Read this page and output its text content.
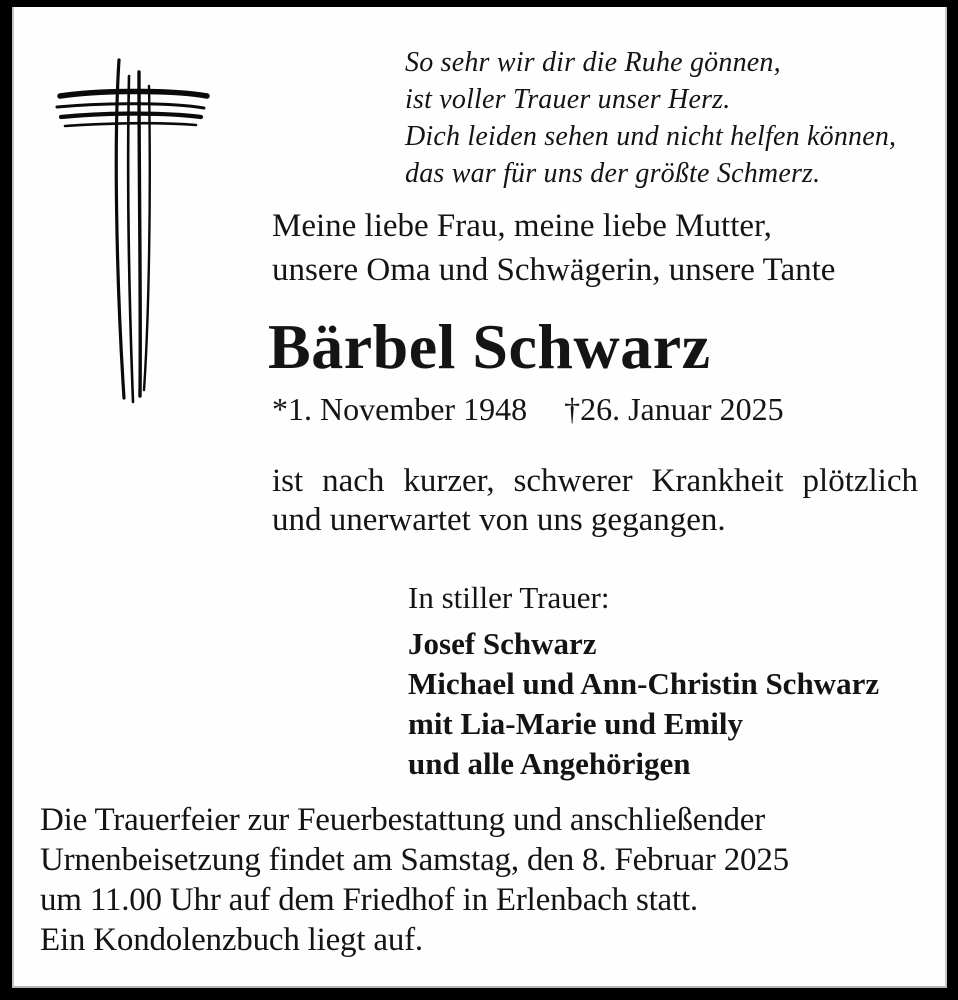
So sehr wir dir die Ruhe gönnen,
ist voller Trauer unser Herz.
Dich leiden sehen und nicht helfen können,
das war für uns der größte Schmerz.
Meine liebe Frau, meine liebe Mutter,
unsere Oma und Schwägerin, unsere Tante
Bärbel Schwarz
*1. November 1948 †26. Januar 2025
ist nach kurzer, schwerer Krankheit plötzlich
und unerwartet von uns gegangen.
In stiller Trauer:
Josef Schwarz
Michael und Ann-Christin Schwarz
mit Lia-Marie und Emily
und alle Angehörigen
Die Trauerfeier zur Feuerbestattung und anschließender
Urnenbeisetzung findet am Samstag, den 8. Februar 2025
um 11.00 Uhr auf dem Friedhof in Erlenbach statt.
Ein Kondolenzbuch liegt auf.
